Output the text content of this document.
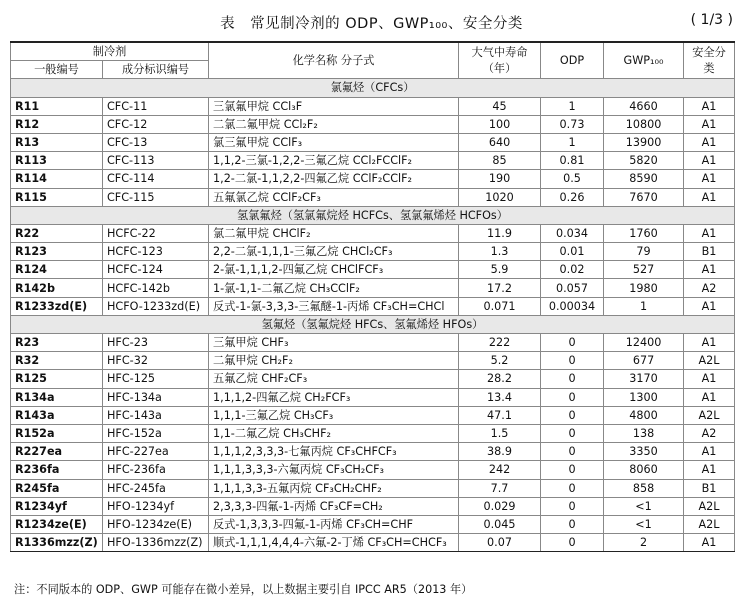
表　常见制冷剂的 ODP、GWP₁₀₀、安全分类	( 1/3 )
制冷剂		化学名称 分子式	大气中寿命（年）	ODP	GWP₁₀₀	安全分类
一般编号	成分标识编号					
氯氟烃（CFCs）						
R11	CFC-11	三氯氟甲烷 CCl₃F	45	1	4660	A1
R12	CFC-12	二氯二氟甲烷 CCl₂F₂	100	0.73	10800	A1
R13	CFC-13	氯三氟甲烷 CClF₃	640	1	13900	A1
R113	CFC-113	1,1,2-三氯-1,2,2-三氟乙烷 CCl₂FCClF₂	85	0.81	5820	A1
R114	CFC-114	1,2-二氯-1,1,2,2-四氟乙烷 CClF₂CClF₂	190	0.5	8590	A1
R115	CFC-115	五氟氯乙烷 CClF₂CF₃	1020	0.26	7670	A1
氢氯氟烃（氢氯氟烷烃 HCFCs、氢氯氟烯烃 HCFOs）						
R22	HCFC-22	氯二氟甲烷 CHClF₂	11.9	0.034	1760	A1
R123	HCFC-123	2,2-二氯-1,1,1-三氟乙烷 CHCl₂CF₃	1.3	0.01	79	B1
R124	HCFC-124	2-氯-1,1,1,2-四氟乙烷 CHClFCF₃	5.9	0.02	527	A1
R142b	HCFC-142b	1-氯-1,1-二氟乙烷 CH₃CClF₂	17.2	0.057	1980	A2
R1233zd(E)	HCFO-1233zd(E)	反式-1-氯-3,3,3-三氟醚-1-丙烯 CF₃CH=CHCl	0.071	0.00034	1	A1
氢氟烃（氢氟烷烃 HFCs、氢氟烯烃 HFOs）						
R23	HFC-23	三氟甲烷 CHF₃	222	0	12400	A1
R32	HFC-32	二氟甲烷 CH₂F₂	5.2	0	677	A2L
R125	HFC-125	五氟乙烷 CHF₂CF₃	28.2	0	3170	A1
R134a	HFC-134a	1,1,1,2-四氟乙烷 CH₂FCF₃	13.4	0	1300	A1
R143a	HFC-143a	1,1,1-三氟乙烷 CH₃CF₃	47.1	0	4800	A2L
R152a	HFC-152a	1,1-二氟乙烷 CH₃CHF₂	1.5	0	138	A2
R227ea	HFC-227ea	1,1,1,2,3,3,3-七氟丙烷 CF₃CHFCF₃	38.9	0	3350	A1
R236fa	HFC-236fa	1,1,1,3,3,3-六氟丙烷 CF₃CH₂CF₃	242	0	8060	A1
R245fa	HFC-245fa	1,1,1,3,3-五氟丙烷 CF₃CH₂CHF₂	7.7	0	858	B1
R1234yf	HFO-1234yf	2,3,3,3-四氟-1-丙烯 CF₃CF=CH₂	0.029	0	<1	A2L
R1234ze(E)	HFO-1234ze(E)	反式-1,3,3,3-四氟-1-丙烯 CF₃CH=CHF	0.045	0	<1	A2L
R1336mzz(Z)	HFO-1336mzz(Z)	顺式-1,1,1,4,4,4-六氟-2-丁烯 CF₃CH=CHCF₃	0.07	0	2	A1
注：不同版本的 ODP、GWP 可能存在微小差异，以上数据主要引自 IPCC AR5（2013 年）
